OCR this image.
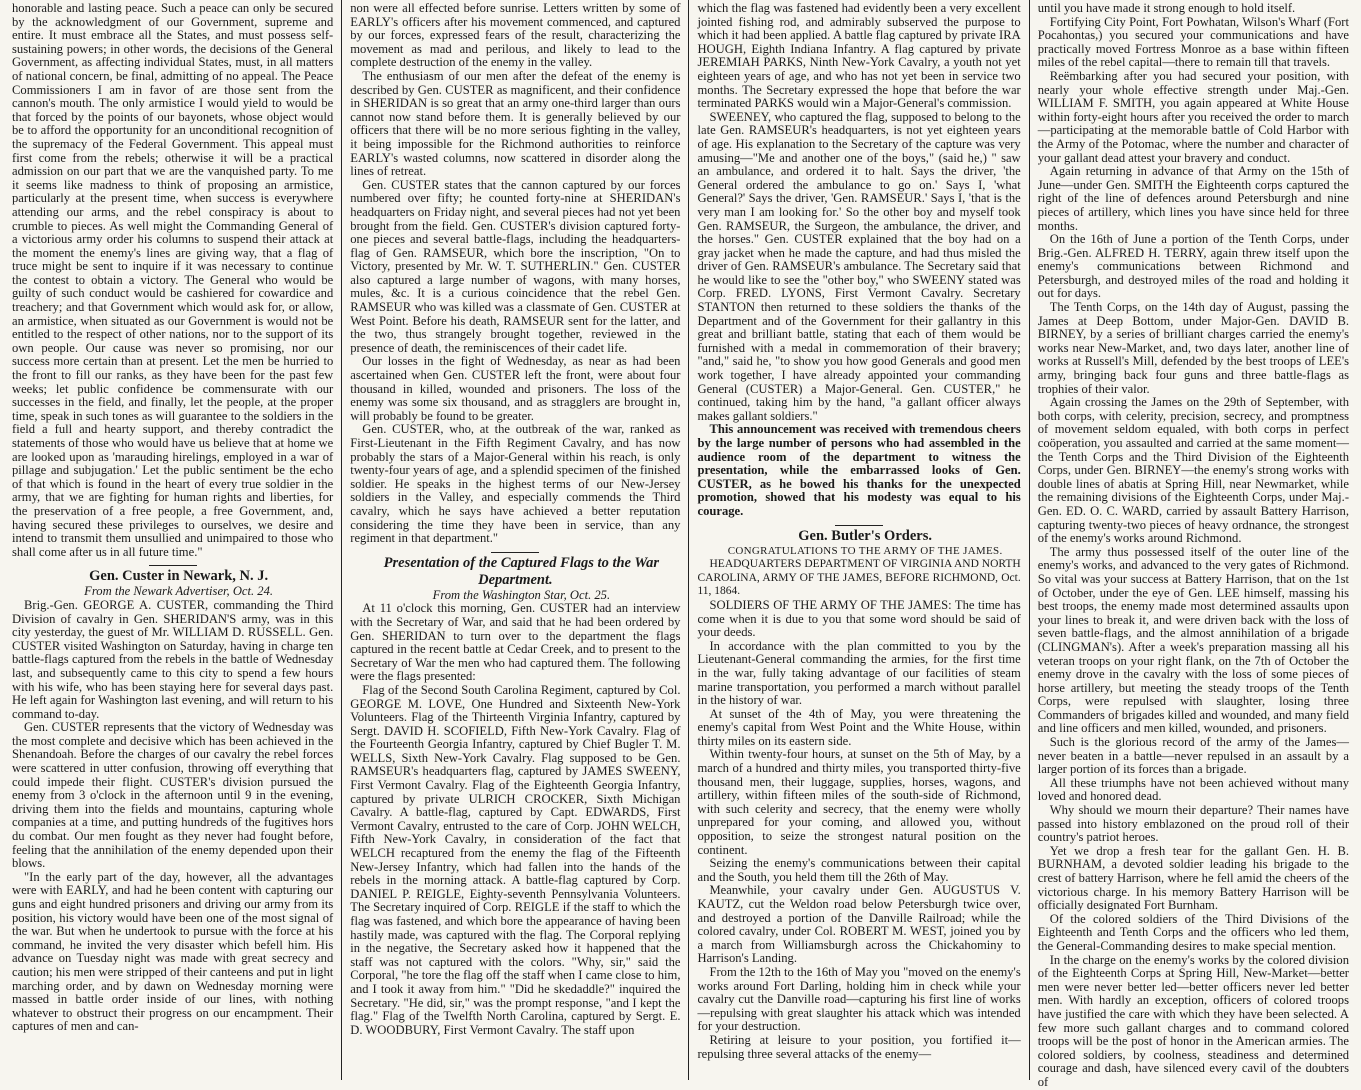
honorable and lasting peace. Such a peace can only be secured by the acknowledgment of our Government, supreme and entire. It must embrace all the States, and must possess self-sustaining powers; in other words, the decisions of the General Government, as affecting individual States, must, in all matters of national concern, be final, admitting of no appeal. The Peace Commissioners I am in favor of are those sent from the cannon's mouth. The only armistice I would yield to would be that forced by the points of our bayonets, whose object would be to afford the opportunity for an unconditional recognition of the supremacy of the Federal Government. This appeal must first come from the rebels; otherwise it will be a practical admission on our part that we are the vanquished party. To me it seems like madness to think of proposing an armistice, particularly at the present time, when success is everywhere attending our arms, and the rebel conspiracy is about to crumble to pieces. As well might the Commanding General of a victorious army order his columns to suspend their attack at the moment the enemy's lines are giving way, that a flag of truce might be sent to inquire if it was necessary to continue the contest to obtain a victory. The General who would be guilty of such conduct would be cashiered for cowardice and treachery; and that Government which would ask for, or allow, an armistice, when situated as our Government is would not be entitled to the respect of other nations, nor to the support of its own people. Our cause was never so promising, nor our success more certain than at present. Let the men be hurried to the front to fill our ranks, as they have been for the past few weeks; let public confidence be commensurate with our successes in the field, and finally, let the people, at the proper time, speak in such tones as will guarantee to the soldiers in the field a full and hearty support, and thereby contradict the statements of those who would have us believe that at home we are looked upon as 'marauding hirelings, employed in a war of pillage and subjugation.' Let the public sentiment be the echo of that which is found in the heart of every true soldier in the army, that we are fighting for human rights and liberties, for the preservation of a free people, a free Government, and, having secured these privileges to ourselves, we desire and intend to transmit them unsullied and unimpaired to those who shall come after us in all future time."

Gen. Custer in Newark, N. J.

From the Newark Advertiser, Oct. 24.

Brig.-Gen. GEORGE A. CUSTER, commanding the Third Division of cavalry in Gen. SHERIDAN'S army, was in this city yesterday, the guest of Mr. WILLIAM D. RUSSELL. Gen. CUSTER visited Washington on Saturday, having in charge ten battle-flags captured from the rebels in the battle of Wednesday last, and subsequently came to this city to spend a few hours with his wife, who has been staying here for several days past. He left again for Washington last evening, and will return to his command to-day.

Gen. CUSTER represents that the victory of Wednesday was the most complete and decisive which has been achieved in the Shenandoah. Before the charges of our cavalry the rebel forces were scattered in utter confusion, throwing off everything that could impede their flight. CUSTER's division pursued the enemy from 3 o'clock in the afternoon until 9 in the evening, driving them into the fields and mountains, capturing whole companies at a time, and putting hundreds of the fugitives hors du combat. Our men fought as they never had fought before, feeling that the annihilation of the enemy depended upon their blows.

"In the early part of the day, however, all the advantages were with EARLY, and had he been content with capturing our guns and eight hundred prisoners and driving our army from its position, his victory would have been one of the most signal of the war. But when he undertook to pursue with the force at his command, he invited the very disaster which befell him. His advance on Tuesday night was made with great secrecy and caution; his men were stripped of their canteens and put in light marching order, and by dawn on Wednesday morning were massed in battle order inside of our lines, with nothing whatever to obstruct their progress on our encampment. Their captures of men and can-

non were all effected before sunrise. Letters written by some of EARLY's officers after his movement commenced, and captured by our forces, expressed fears of the result, characterizing the movement as mad and perilous, and likely to lead to the complete destruction of the enemy in the valley.

The enthusiasm of our men after the defeat of the enemy is described by Gen. CUSTER as magnificent, and their confidence in SHERIDAN is so great that an army one-third larger than ours cannot now stand before them. It is generally believed by our officers that there will be no more serious fighting in the valley, it being impossible for the Richmond authorities to reinforce EARLY's wasted columns, now scattered in disorder along the lines of retreat.

Gen. CUSTER states that the cannon captured by our forces numbered over fifty; he counted forty-nine at SHERIDAN's headquarters on Friday night, and several pieces had not yet been brought from the field. Gen. CUSTER's division captured forty-one pieces and several battle-flags, including the headquarters-flag of Gen. RAMSEUR, which bore the inscription, "On to Victory, presented by Mr. W. T. SUTHERLIN." Gen. CUSTER also captured a large number of wagons, with many horses, mules, &c. It is a curious coincidence that the rebel Gen. RAMSEUR who was killed was a classmate of Gen. CUSTER at West Point. Before his death, RAMSEUR sent for the latter, and the two, thus strangely brought together, reviewed in the presence of death, the reminiscences of their cadet life.

Our losses in the fight of Wednesday, as near as had been ascertained when Gen. CUSTER left the front, were about four thousand in killed, wounded and prisoners. The loss of the enemy was some six thousand, and as stragglers are brought in, will probably be found to be greater.

Gen. CUSTER, who, at the outbreak of the war, ranked as First-Lieutenant in the Fifth Regiment Cavalry, and has now probably the stars of a Major-General within his reach, is only twenty-four years of age, and a splendid specimen of the finished soldier. He speaks in the highest terms of our New-Jersey soldiers in the Valley, and especially commends the Third cavalry, which he says have achieved a better reputation considering the time they have been in service, than any regiment in that department."

Presentation of the Captured Flags to the War Department.

From the Washington Star, Oct. 25.

At 11 o'clock this morning, Gen. CUSTER had an interview with the Secretary of War, and said that he had been ordered by Gen. SHERIDAN to turn over to the department the flags captured in the recent battle at Cedar Creek, and to present to the Secretary of War the men who had captured them. The following were the flags presented:

Flag of the Second South Carolina Regiment, captured by Col. GEORGE M. LOVE, One Hundred and Sixteenth New-York Volunteers. Flag of the Thirteenth Virginia Infantry, captured by Sergt. DAVID H. SCOFIELD, Fifth New-York Cavalry. Flag of the Fourteenth Georgia Infantry, captured by Chief Bugler T. M. WELLS, Sixth New-York Cavalry. Flag supposed to be Gen. RAMSEUR's headquarters flag, captured by JAMES SWEENY, First Vermont Cavalry. Flag of the Eighteenth Georgia Infantry, captured by private ULRICH CROCKER, Sixth Michigan Cavalry. A battle-flag, captured by Capt. EDWARDS, First Vermont Cavalry, entrusted to the care of Corp. JOHN WELCH, Fifth New-York Cavalry, in consideration of the fact that WELCH recaptured from the enemy the flag of the Fifteenth New-Jersey Infantry, which had fallen into the hands of the rebels in the morning attack. A battle-flag captured by Corp. DANIEL P. REIGLE, Eighty-seventh Pennsylvania Volunteers. The Secretary inquired of Corp. REIGLE if the staff to which the flag was fastened, and which bore the appearance of having been hastily made, was captured with the flag. The Corporal replying in the negative, the Secretary asked how it happened that the staff was not captured with the colors. "Why, sir," said the Corporal, "he tore the flag off the staff when I came close to him, and I took it away from him." "Did he skedaddle?" inquired the Secretary. "He did, sir," was the prompt response, "and I kept the flag." Flag of the Twelfth North Carolina, captured by Sergt. E. D. WOODBURY, First Vermont Cavalry. The staff upon

which the flag was fastened had evidently been a very excellent jointed fishing rod, and admirably subserved the purpose to which it had been applied. A battle flag captured by private IRA HOUGH, Eighth Indiana Infantry. A flag captured by private JEREMIAH PARKS, Ninth New-York Cavalry, a youth not yet eighteen years of age, and who has not yet been in service two months. The Secretary expressed the hope that before the war terminated PARKS would win a Major-General's commission.

SWEENEY, who captured the flag, supposed to belong to the late Gen. RAMSEUR's headquarters, is not yet eighteen years of age. His explanation to the Secretary of the capture was very amusing—"Me and another one of the boys," (said he,) " saw an ambulance, and ordered it to halt. Says the driver, 'the General ordered the ambulance to go on.' Says I, 'what General?' Says the driver, 'Gen. RAMSEUR.' Says I, 'that is the very man I am looking for.' So the other boy and myself took Gen. RAMSEUR, the Surgeon, the ambulance, the driver, and the horses." Gen. CUSTER explained that the boy had on a gray jacket when he made the capture, and had thus misled the driver of Gen. RAMSEUR's ambulance. The Secretary said that he would like to see the "other boy," who SWEENY stated was Corp. FRED. LYONS, First Vermont Cavalry. Secretary STANTON then returned to these soldiers the thanks of the Department and of the Government for their gallantry in this great and brilliant battle, stating that each of them would be furnished with a medal in commemoration of their bravery; "and," said he, "to show you how good Generals and good men work together, I have already appointed your commanding General (CUSTER) a Major-General. Gen. CUSTER," he continued, taking him by the hand, "a gallant officer always makes gallant soldiers."

This announcement was received with tremendous cheers by the large number of persons who had assembled in the audience room of the department to witness the presentation, while the embarrassed looks of Gen. CUSTER, as he bowed his thanks for the unexpected promotion, showed that his modesty was equal to his courage.

Gen. Butler's Orders.

CONGRATULATIONS TO THE ARMY OF THE JAMES.

HEADQUARTERS DEPARTMENT OF VIRGINIA AND NORTH CAROLINA, ARMY OF THE JAMES, BEFORE RICHMOND, Oct. 11, 1864.

SOLDIERS OF THE ARMY OF THE JAMES: The time has come when it is due to you that some word should be said of your deeds.

In accordance with the plan committed to you by the Lieutenant-General commanding the armies, for the first time in the war, fully taking advantage of our facilities of steam marine transportation, you performed a march without parallel in the history of war.

At sunset of the 4th of May, you were threatening the enemy's capital from West Point and the White House, within thirty miles on its eastern side.

Within twenty-four hours, at sunset on the 5th of May, by a march of a hundred and thirty miles, you transported thirty-five thousand men, their luggage, supplies, horses, wagons, and artillery, within fifteen miles of the south-side of Richmond, with such celerity and secrecy, that the enemy were wholly unprepared for your coming, and allowed you, without opposition, to seize the strongest natural position on the continent.

Seizing the enemy's communications between their capital and the South, you held them till the 26th of May.

Meanwhile, your cavalry under Gen. AUGUSTUS V. KAUTZ, cut the Weldon road below Petersburgh twice over, and destroyed a portion of the Danville Railroad; while the colored cavalry, under Col. ROBERT M. WEST, joined you by a march from Williamsburgh across the Chickahominy to Harrison's Landing.

From the 12th to the 16th of May you "moved on the enemy's works around Fort Darling, holding him in check while your cavalry cut the Danville road—capturing his first line of works—repulsing with great slaughter his attack which was intended for your destruction.

Retiring at leisure to your position, you fortified it—repulsing three several attacks of the enemy—

until you have made it strong enough to hold itself.

Fortifying City Point, Fort Powhatan, Wilson's Wharf (Fort Pocahontas,) you secured your communications and have practically moved Fortress Monroe as a base within fifteen miles of the rebel capital—there to remain till that travels.

Reëmbarking after you had secured your position, with nearly your whole effective strength under Maj.-Gen. WILLIAM F. SMITH, you again appeared at White House within forty-eight hours after you received the order to march—participating at the memorable battle of Cold Harbor with the Army of the Potomac, where the number and character of your gallant dead attest your bravery and conduct.

Again returning in advance of that Army on the 15th of June—under Gen. SMITH the Eighteenth corps captured the right of the line of defences around Petersburgh and nine pieces of artillery, which lines you have since held for three months.

On the 16th of June a portion of the Tenth Corps, under Brig.-Gen. ALFRED H. TERRY, again threw itself upon the enemy's communications between Richmond and Petersburgh, and destroyed miles of the road and holding it out for days.

The Tenth Corps, on the 14th day of August, passing the James at Deep Bottom, under Major-Gen. DAVID B. BIRNEY, by a series of brilliant charges carried the enemy's works near New-Market, and, two days later, another line of works at Russell's Mill, defended by the best troops of LEE's army, bringing back four guns and three battle-flags as trophies of their valor.

Again crossing the James on the 29th of September, with both corps, with celerity, precision, secrecy, and promptness of movement seldom equaled, with both corps in perfect coöperation, you assaulted and carried at the same moment—the Tenth Corps and the Third Division of the Eighteenth Corps, under Gen. BIRNEY—the enemy's strong works with double lines of abatis at Spring Hill, near Newmarket, while the remaining divisions of the Eighteenth Corps, under Maj.-Gen. ED. O. C. WARD, carried by assault Battery Harrison, capturing twenty-two pieces of heavy ordnance, the strongest of the enemy's works around Richmond.

The army thus possessed itself of the outer line of the enemy's works, and advanced to the very gates of Richmond. So vital was your success at Battery Harrison, that on the 1st of October, under the eye of Gen. LEE himself, massing his best troops, the enemy made most determined assaults upon your lines to break it, and were driven back with the loss of seven battle-flags, and the almost annihilation of a brigade (CLINGMAN's). After a week's preparation massing all his veteran troops on your right flank, on the 7th of October the enemy drove in the cavalry with the loss of some pieces of horse artillery, but meeting the steady troops of the Tenth Corps, were repulsed with slaughter, losing three Commanders of brigades killed and wounded, and many field and line officers and men killed, wounded, and prisoners.

Such is the glorious record of the army of the James—never beaten in a battle—never repulsed in an assault by a larger portion of its forces than a brigade.

All these triumphs have not been achieved without many loved and honored dead.

Why should we mourn their departure? Their names have passed into history emblazoned on the proud roll of their country's patriot heroes.

Yet we drop a fresh tear for the gallant Gen. H. B. BURNHAM, a devoted soldier leading his brigade to the crest of battery Harrison, where he fell amid the cheers of the victorious charge. In his memory Battery Harrison will be officially designated Fort Burnham.

Of the colored soldiers of the Third Divisions of the Eighteenth and Tenth Corps and the officers who led them, the General-Commanding desires to make special mention.

In the charge on the enemy's works by the colored division of the Eighteenth Corps at Spring Hill, New-Market—better men were never better led—better officers never led better men. With hardly an exception, officers of colored troops have justified the care with which they have been selected. A few more such gallant charges and to command colored troops will be the post of honor in the American armies. The colored soldiers, by coolness, steadiness and determined courage and dash, have silenced every cavil of the doubters of
